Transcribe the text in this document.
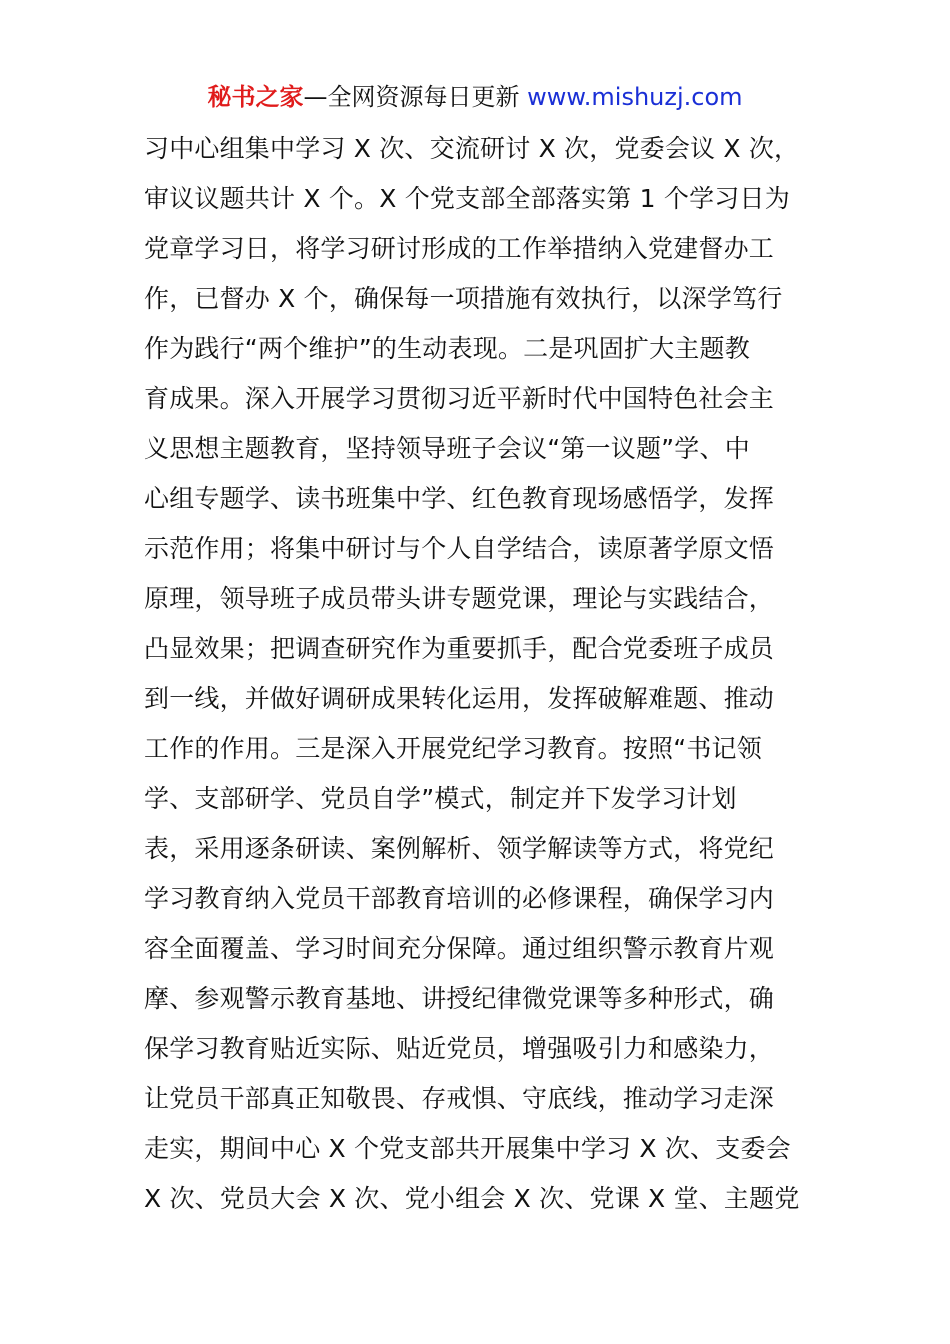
秘书之家—全网资源每日更新 www.mishuzj.com
习中心组集中学习 X 次、交流研讨 X 次，党委会议 X 次，
审议议题共计 X 个。X 个党支部全部落实第 1 个学习日为
党章学习日，将学习研讨形成的工作举措纳入党建督办工
作，已督办 X 个，确保每一项措施有效执行，以深学笃行
作为践行“两个维护”的生动表现。二是巩固扩大主题教
育成果。深入开展学习贯彻习近平新时代中国特色社会主
义思想主题教育，坚持领导班子会议“第一议题”学、中
心组专题学、读书班集中学、红色教育现场感悟学，发挥
示范作用；将集中研讨与个人自学结合，读原著学原文悟
原理，领导班子成员带头讲专题党课，理论与实践结合，
凸显效果；把调查研究作为重要抓手，配合党委班子成员
到一线，并做好调研成果转化运用，发挥破解难题、推动
工作的作用。三是深入开展党纪学习教育。按照“书记领
学、支部研学、党员自学”模式，制定并下发学习计划
表，采用逐条研读、案例解析、领学解读等方式，将党纪
学习教育纳入党员干部教育培训的必修课程，确保学习内
容全面覆盖、学习时间充分保障。通过组织警示教育片观
摩、参观警示教育基地、讲授纪律微党课等多种形式，确
保学习教育贴近实际、贴近党员，增强吸引力和感染力，
让党员干部真正知敬畏、存戒惧、守底线，推动学习走深
走实，期间中心 X 个党支部共开展集中学习 X 次、支委会
X 次、党员大会 X 次、党小组会 X 次、党课 X 堂、主题党
